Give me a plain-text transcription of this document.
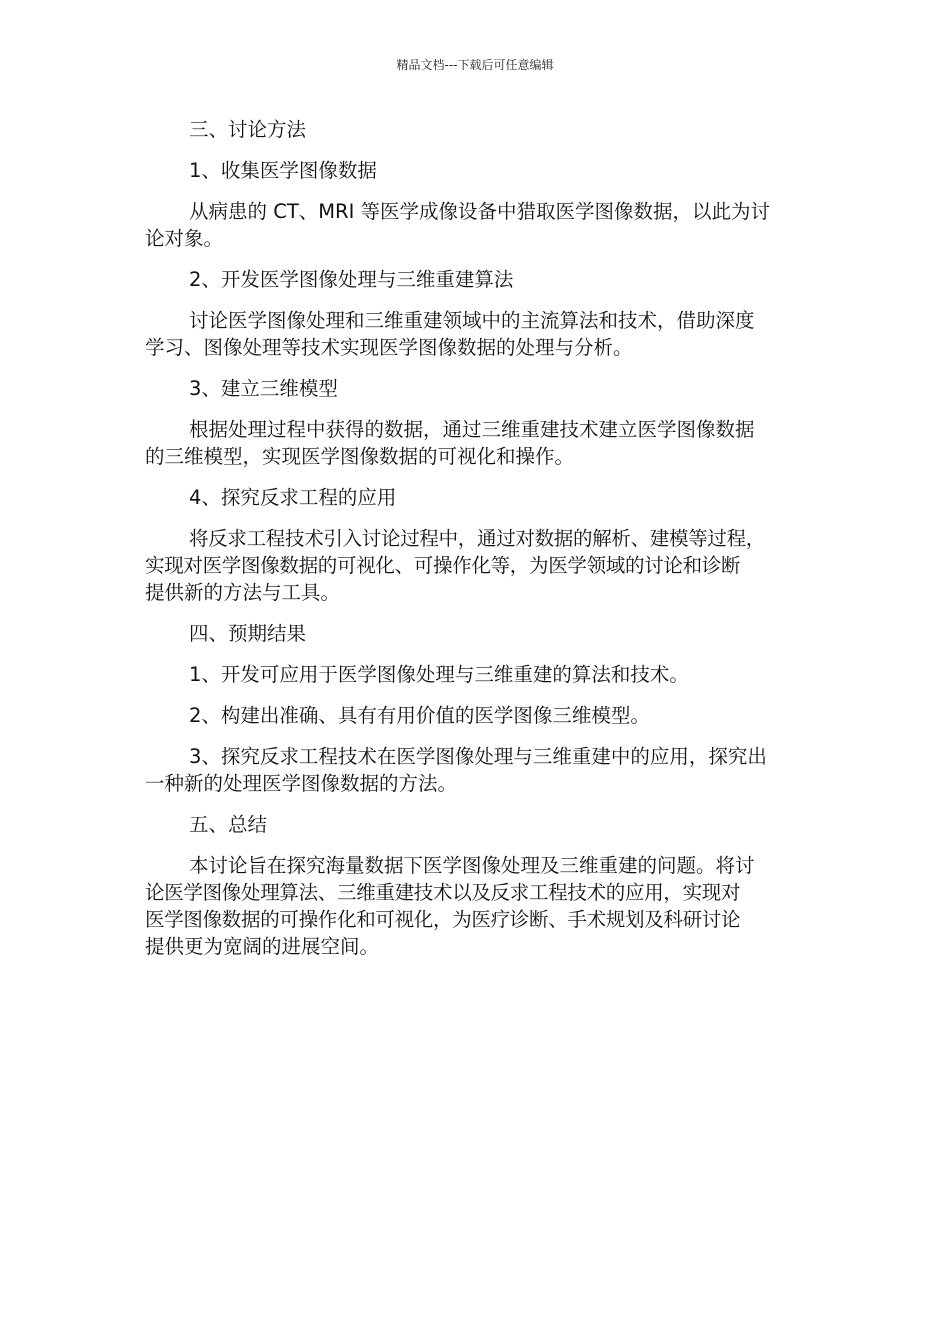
精品文档---下载后可任意编辑
三、讨论方法
1、收集医学图像数据
从病患的 CT、MRI 等医学成像设备中猎取医学图像数据，以此为讨
论对象。
2、开发医学图像处理与三维重建算法
讨论医学图像处理和三维重建领域中的主流算法和技术，借助深度
学习、图像处理等技术实现医学图像数据的处理与分析。
3、建立三维模型
根据处理过程中获得的数据，通过三维重建技术建立医学图像数据
的三维模型，实现医学图像数据的可视化和操作。
4、探究反求工程的应用
将反求工程技术引入讨论过程中，通过对数据的解析、建模等过程，
实现对医学图像数据的可视化、可操作化等，为医学领域的讨论和诊断
提供新的方法与工具。
四、预期结果
1、开发可应用于医学图像处理与三维重建的算法和技术。
2、构建出准确、具有有用价值的医学图像三维模型。
3、探究反求工程技术在医学图像处理与三维重建中的应用，探究出
一种新的处理医学图像数据的方法。
五、总结
本讨论旨在探究海量数据下医学图像处理及三维重建的问题。将讨
论医学图像处理算法、三维重建技术以及反求工程技术的应用，实现对
医学图像数据的可操作化和可视化，为医疗诊断、手术规划及科研讨论
提供更为宽阔的进展空间。
